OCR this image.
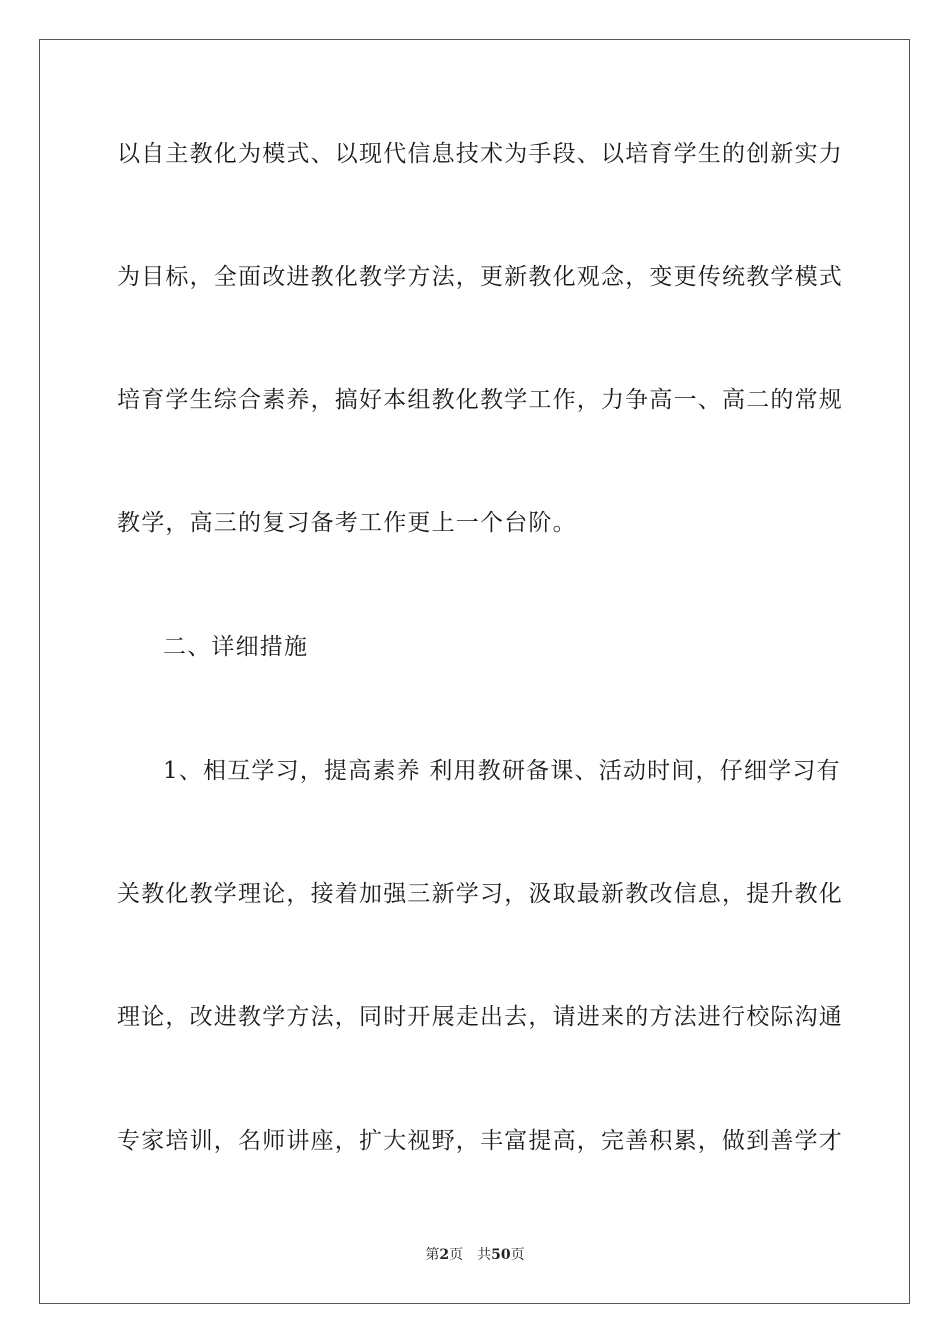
以自主教化为模式、以现代信息技术为手段、以培育学生的创新实力
为目标，全面改进教化教学方法，更新教化观念，变更传统教学模式
培育学生综合素养，搞好本组教化教学工作，力争高一、高二的常规
教学，高三的复习备考工作更上一个台阶。
二、详细措施
1、相互学习，提高素养 利用教研备课、活动时间，仔细学习有
关教化教学理论，接着加强三新学习，汲取最新教改信息，提升教化
理论，改进教学方法，同时开展走出去，请进来的方法进行校际沟通
专家培训，名师讲座，扩大视野，丰富提高，完善积累，做到善学才
第2页 共50页
